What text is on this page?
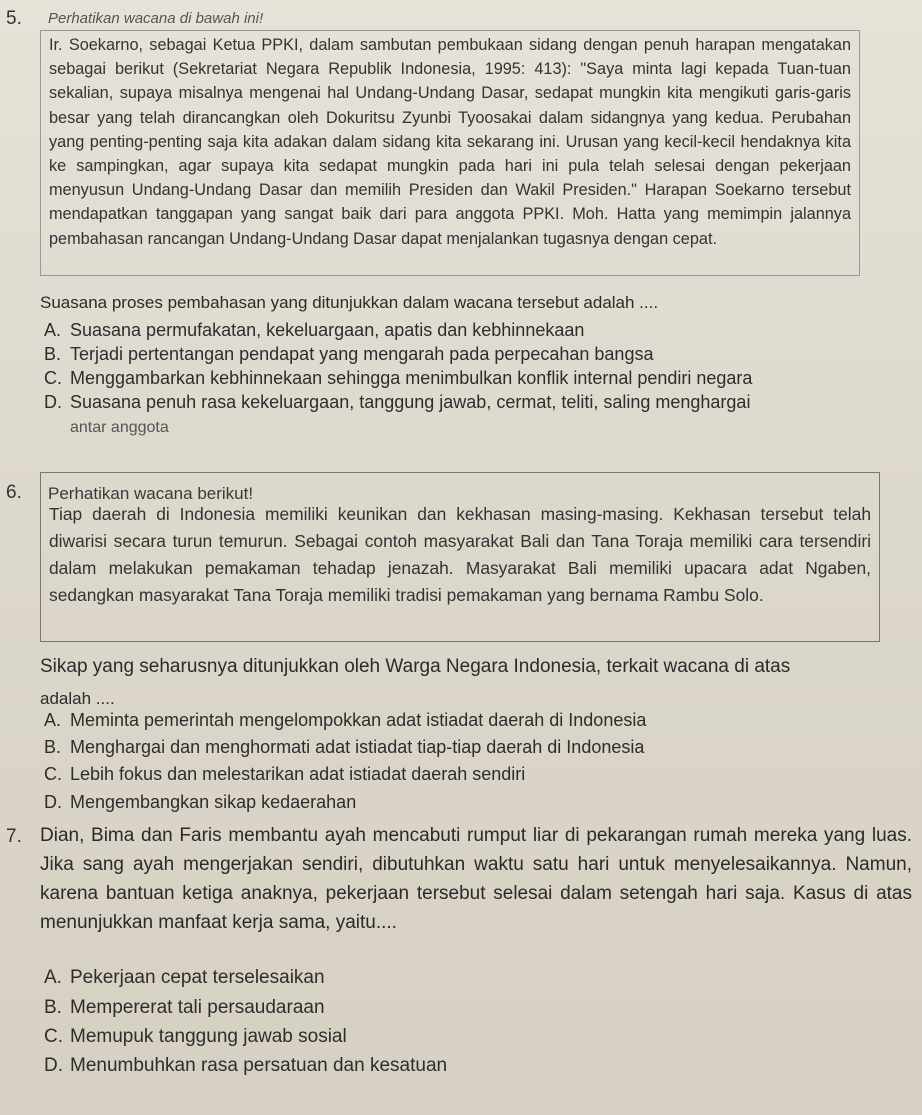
5. Perhatikan wacana di bawah ini!

Ir. Soekarno, sebagai Ketua PPKI, dalam sambutan pembukaan sidang dengan penuh harapan mengatakan sebagai berikut (Sekretariat Negara Republik Indonesia, 1995: 413): "Saya minta lagi kepada Tuan-tuan sekalian, supaya misalnya mengenai hal Undang-Undang Dasar, sedapat mungkin kita mengikuti garis-garis besar yang telah dirancangkan oleh Dokuritsu Zyunbi Tyoosakai dalam sidangnya yang kedua. Perubahan yang penting-penting saja kita adakan dalam sidang kita sekarang ini. Urusan yang kecil-kecil hendaknya kita ke sampingkan, agar supaya kita sedapat mungkin pada hari ini pula telah selesai dengan pekerjaan menyusun Undang-Undang Dasar dan memilih Presiden dan Wakil Presiden." Harapan Soekarno tersebut mendapatkan tanggapan yang sangat baik dari para anggota PPKI. Moh. Hatta yang memimpin jalannya pembahasan rancangan Undang-Undang Dasar dapat menjalankan tugasnya dengan cepat.

Suasana proses pembahasan yang ditunjukkan dalam wacana tersebut adalah ....
A. Suasana permufakatan, kekeluargaan, apatis dan kebhinnekaan
B. Terjadi pertentangan pendapat yang mengarah pada perpecahan bangsa
C. Menggambarkan kebhinnekaan sehingga menimbulkan konflik internal pendiri negara
D. Suasana penuh rasa kekeluargaan, tanggung jawab, cermat, teliti, saling menghargai
antar anggota
6. Perhatikan wacana berikut!

Tiap daerah di Indonesia memiliki keunikan dan kekhasan masing-masing. Kekhasan tersebut telah diwarisi secara turun temurun. Sebagai contoh masyarakat Bali dan Tana Toraja memiliki cara tersendiri dalam melakukan pemakaman tehadap jenazah. Masyarakat Bali memiliki upacara adat Ngaben, sedangkan masyarakat Tana Toraja memiliki tradisi pemakaman yang bernama Rambu Solo.

Sikap yang seharusnya ditunjukkan oleh Warga Negara Indonesia, terkait wacana di atas
adalah ....
A. Meminta pemerintah mengelompokkan adat istiadat daerah di Indonesia
B. Menghargai dan menghormati adat istiadat tiap-tiap daerah di Indonesia
C. Lebih fokus dan melestarikan adat istiadat daerah sendiri
D. Mengembangkan sikap kedaerahan
7. Dian, Bima dan Faris membantu ayah mencabuti rumput liar di pekarangan rumah mereka yang luas. Jika sang ayah mengerjakan sendiri, dibutuhkan waktu satu hari untuk menyelesaikannya. Namun, karena bantuan ketiga anaknya, pekerjaan tersebut selesai dalam setengah hari saja. Kasus di atas menunjukkan manfaat kerja sama, yaitu....

A. Pekerjaan cepat terselesaikan
B. Mempererat tali persaudaraan
C. Memupuk tanggung jawab sosial
D. Menumbuhkan rasa persatuan dan kesatuan
